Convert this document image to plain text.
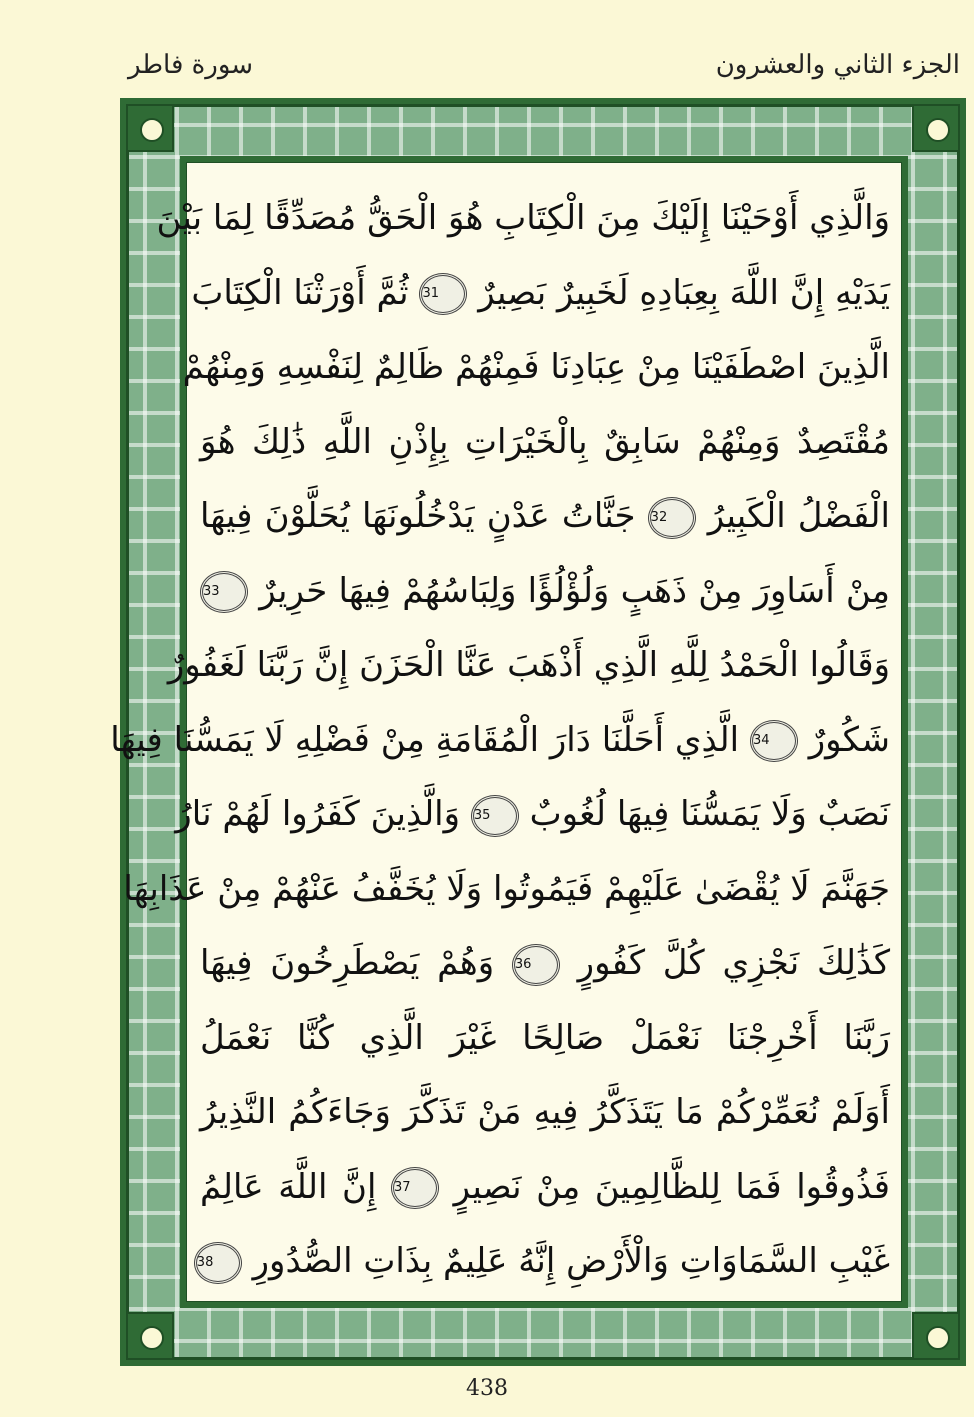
الجزء الثاني والعشرون
سورة فاطر
وَالَّذِي أَوْحَيْنَا إِلَيْكَ مِنَ الْكِتَابِ هُوَ الْحَقُّ مُصَدِّقًا لِمَا بَيْنَ
يَدَيْهِ إِنَّ اللَّهَ بِعِبَادِهِ لَخَبِيرٌ بَصِيرٌ 31 ثُمَّ أَوْرَثْنَا الْكِتَابَ
الَّذِينَ اصْطَفَيْنَا مِنْ عِبَادِنَا فَمِنْهُمْ ظَالِمٌ لِنَفْسِهِ وَمِنْهُمْ
مُقْتَصِدٌ وَمِنْهُمْ سَابِقٌ بِالْخَيْرَاتِ بِإِذْنِ اللَّهِ ذَٰلِكَ هُوَ
الْفَضْلُ الْكَبِيرُ 32 جَنَّاتُ عَدْنٍ يَدْخُلُونَهَا يُحَلَّوْنَ فِيهَا
مِنْ أَسَاوِرَ مِنْ ذَهَبٍ وَلُؤْلُؤًا وَلِبَاسُهُمْ فِيهَا حَرِيرٌ 33
وَقَالُوا الْحَمْدُ لِلَّهِ الَّذِي أَذْهَبَ عَنَّا الْحَزَنَ إِنَّ رَبَّنَا لَغَفُورٌ
شَكُورٌ 34 الَّذِي أَحَلَّنَا دَارَ الْمُقَامَةِ مِنْ فَضْلِهِ لَا يَمَسُّنَا فِيهَا
نَصَبٌ وَلَا يَمَسُّنَا فِيهَا لُغُوبٌ 35 وَالَّذِينَ كَفَرُوا لَهُمْ نَارُ
جَهَنَّمَ لَا يُقْضَىٰ عَلَيْهِمْ فَيَمُوتُوا وَلَا يُخَفَّفُ عَنْهُمْ مِنْ عَذَابِهَا
كَذَٰلِكَ نَجْزِي كُلَّ كَفُورٍ 36 وَهُمْ يَصْطَرِخُونَ فِيهَا
رَبَّنَا أَخْرِجْنَا نَعْمَلْ صَالِحًا غَيْرَ الَّذِي كُنَّا نَعْمَلُ
أَوَلَمْ نُعَمِّرْكُمْ مَا يَتَذَكَّرُ فِيهِ مَنْ تَذَكَّرَ وَجَاءَكُمُ النَّذِيرُ
فَذُوقُوا فَمَا لِلظَّالِمِينَ مِنْ نَصِيرٍ 37 إِنَّ اللَّهَ عَالِمُ
غَيْبِ السَّمَاوَاتِ وَالْأَرْضِ إِنَّهُ عَلِيمٌ بِذَاتِ الصُّدُورِ 38
438
